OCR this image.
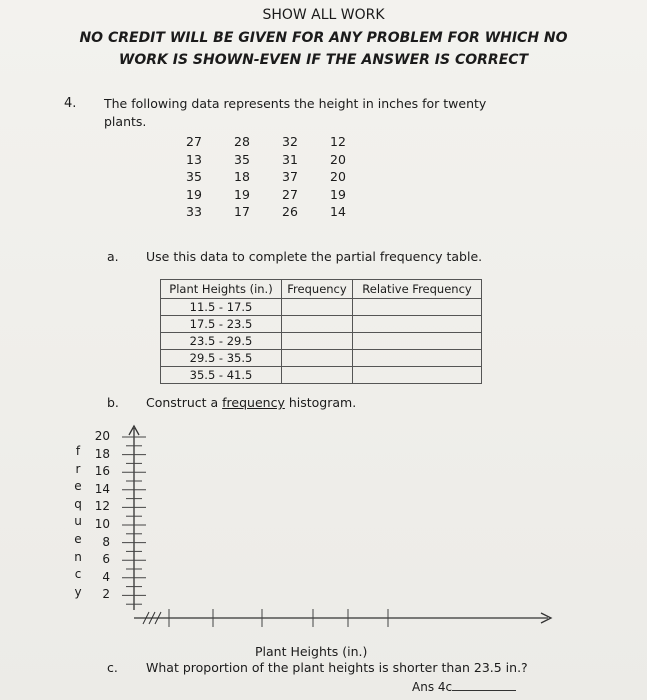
SHOW ALL WORK
NO CREDIT WILL BE GIVEN FOR ANY PROBLEM FOR WHICH NO
WORK IS SHOWN-EVEN IF THE ANSWER IS CORRECT
4. The following data represents the height in inches for twenty
plants.
27	28	32	12
13	35	31	20
35	18	37	20
19	19	27	19
33	17	26	14
a. Use this data to complete the partial frequency table.
Plant Heights (in.)	Frequency	Relative Frequency
11.5 - 17.5		
17.5 - 23.5		
23.5 - 29.5		
29.5 - 35.5		
35.5 - 41.5		
b. Construct a frequency histogram.
f
r
e
q
u
e
n
c
y
20
18
16
14
12
10
8
6
4
2
Plant Heights (in.)
c. What proportion of the plant heights is shorter than 23.5 in.?
Ans 4c
